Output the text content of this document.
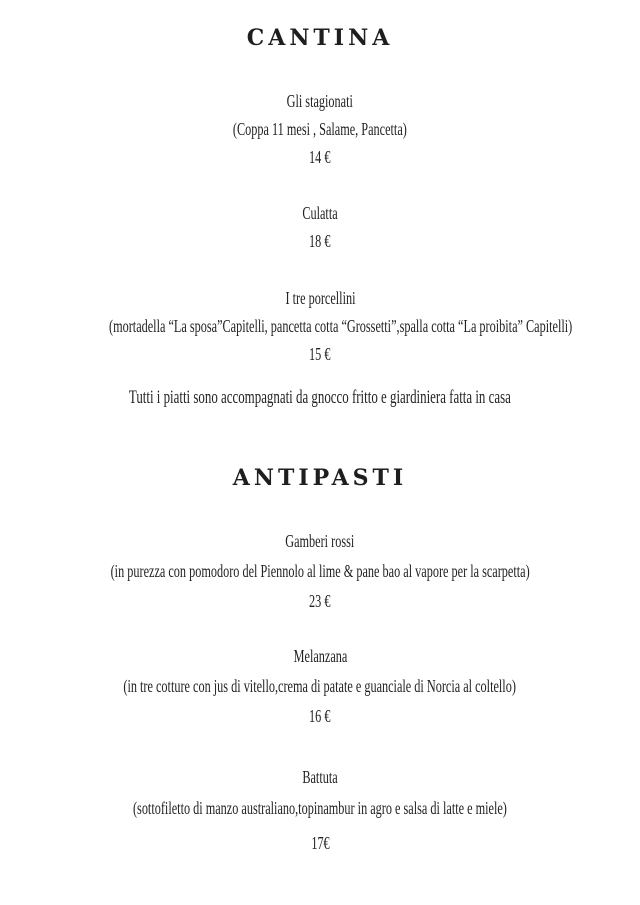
CANTINA
Gli stagionati
(Coppa 11 mesi , Salame, Pancetta)
14 €
Culatta
18 €
I tre porcellini
(mortadella “La sposa”Capitelli, pancetta cotta “Grossetti”,spalla cotta “La proibita” Capitelli)
15 €
Tutti i piatti sono accompagnati da gnocco fritto e giardiniera fatta in casa
ANTIPASTI
Gamberi rossi
(in purezza con pomodoro del Piennolo al lime & pane bao al vapore per la scarpetta)
23 €
Melanzana
(in tre cotture con jus di vitello,crema di patate e guanciale di Norcia al coltello)
16 €
Battuta
(sottofiletto di manzo australiano,topinambur in agro e salsa di latte e miele)
17€
